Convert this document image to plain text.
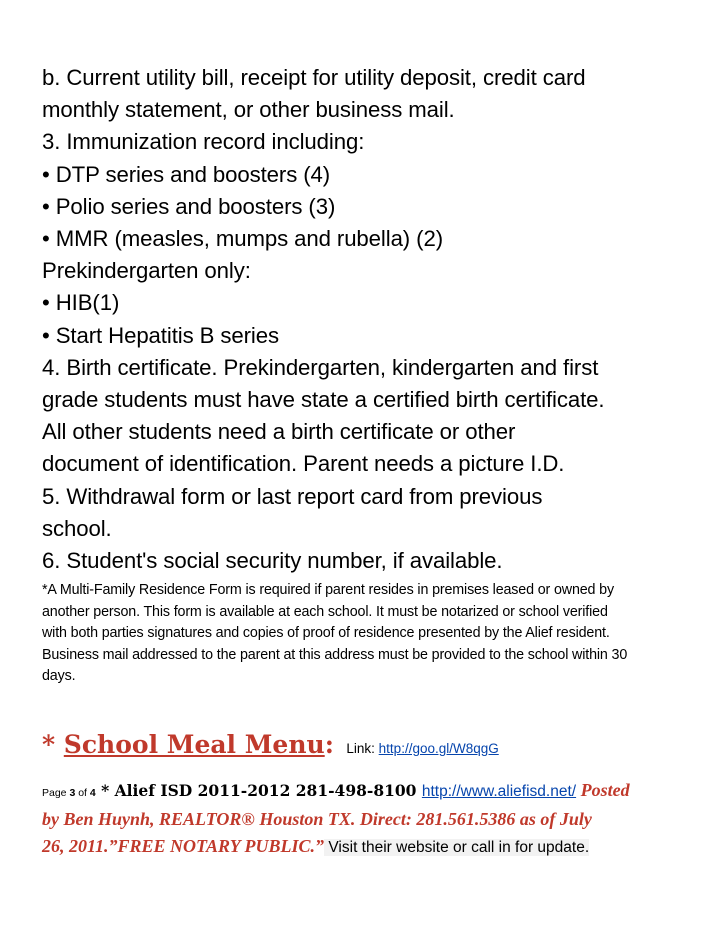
b. Current utility bill, receipt for utility deposit, credit card
monthly statement, or other business mail.
3. Immunization record including:
• DTP series and boosters (4)
• Polio series and boosters (3)
• MMR (measles, mumps and rubella) (2)
Prekindergarten only:
• HIB(1)
• Start Hepatitis B series
4. Birth certificate. Prekindergarten, kindergarten and first
grade students must have state a certified birth certificate.
All other students need a birth certificate or other
document of identification. Parent needs a picture I.D.
5. Withdrawal form or last report card from previous
school.
6. Student's social security number, if available.
*A Multi-Family Residence Form is required if parent resides in premises leased or owned by
another person. This form is available at each school. It must be notarized or school verified
with both parties signatures and copies of proof of residence presented by the Alief resident.
Business mail addressed to the parent at this address must be provided to the school within 30
days.
* School Meal Menu: Link: http://goo.gl/W8qgG
Page 3 of 4 * Alief ISD 2011-2012 281-498-8100 http://www.aliefisd.net/ Posted
by Ben Huynh, REALTOR® Houston TX. Direct: 281.561.5386 as of July
26, 2011.”FREE NOTARY PUBLIC.” Visit their website or call in for update.
